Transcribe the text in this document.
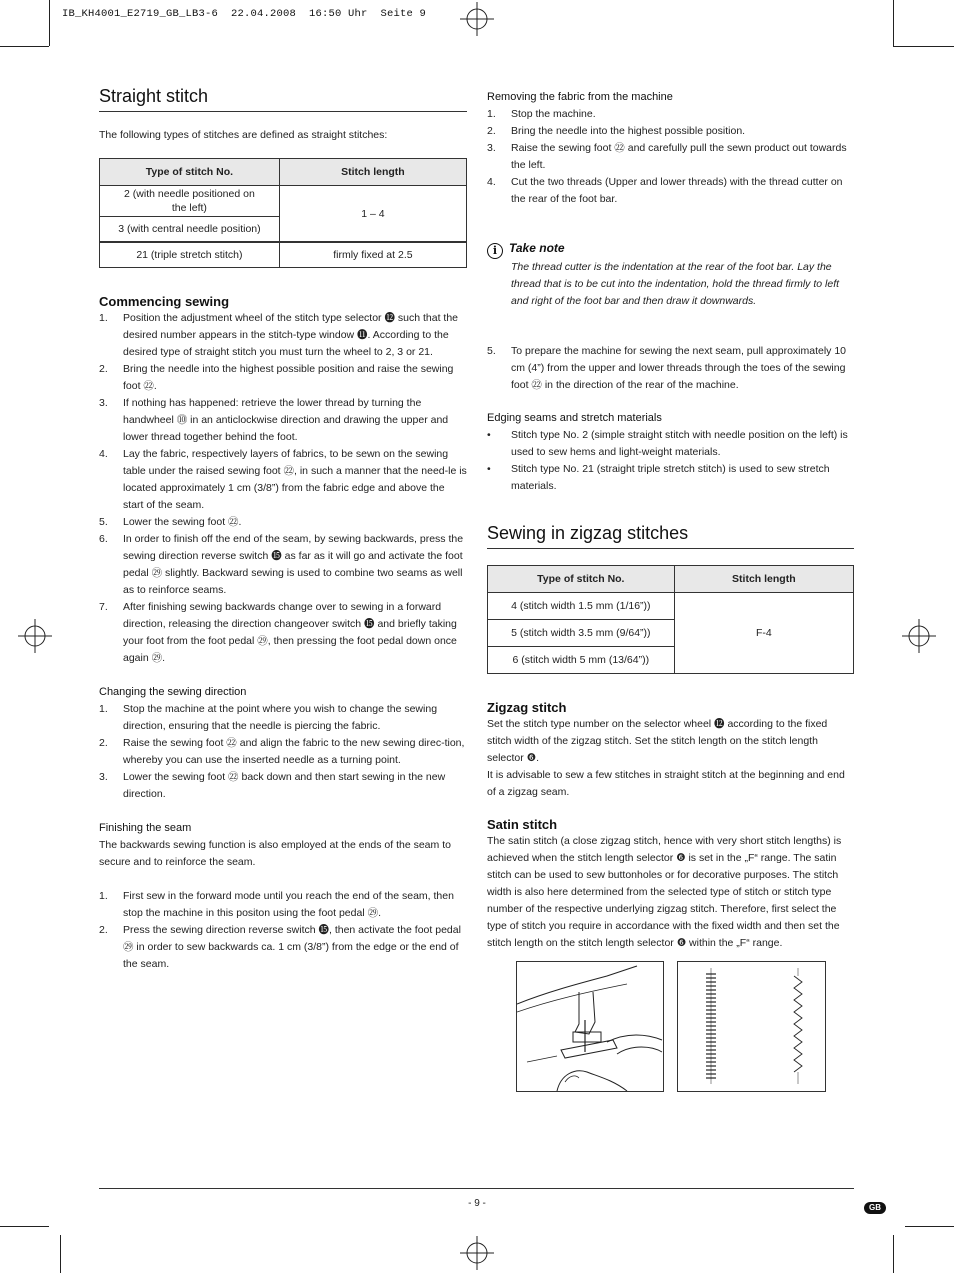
IB_KH4001_E2719_GB_LB3-6  22.04.2008  16:50 Uhr  Seite 9
Straight stitch

The following types of stitches are defined as straight stitches:

Type of stitch No.	Stitch length
2 (with needle positioned on the left)	1 – 4
3 (with central needle position)	
21 (triple stretch stitch)	firmly fixed at 2.5
Commencing sewing
1. Position the adjustment wheel of the stitch type selector ⓬ such that the desired number appears in the stitch-type window ⓫. According to the desired type of straight stitch you must turn the wheel to 2, 3 or 21.
2. Bring the needle into the highest possible position and raise the sewing foot ㉒.
3. If nothing has happened: retrieve the lower thread by turning the handwheel ⓾ in an anticlockwise direction and drawing the upper and lower thread together behind the foot.
4. Lay the fabric, respectively layers of fabrics, to be sewn on the sewing table under the raised sewing foot ㉒, in such a manner that the need-le is located approximately 1 cm (3/8”) from the fabric edge and above the start of the seam.
5. Lower the sewing foot ㉒.
6. In order to finish off the end of the seam, by sewing backwards, press the sewing direction reverse switch ⓯ as far as it will go and activate the foot pedal ㉙ slightly. Backward sewing is used to combine two seams as well as to reinforce seams.
7. After finishing sewing backwards change over to sewing in a forward direction, releasing the direction changeover switch ⓯ and briefly taking your foot from the foot pedal ㉙, then pressing the foot pedal down once again ㉙.
Changing the sewing direction
1. Stop the machine at the point where you wish to change the sewing direction, ensuring that the needle is piercing the fabric.
2. Raise the sewing foot ㉒ and align the fabric to the new sewing direc-tion, whereby you can use the inserted needle as a turning point.
3. Lower the sewing foot ㉒ back down and then start sewing in the new direction.
Finishing the seam

The backwards sewing function is also employed at the ends of the seam to secure and to reinforce the seam.

1. First sew in the forward mode until you reach the end of the seam, then stop the machine in this positon using the foot pedal ㉙.
2. Press the sewing direction reverse switch ⓯, then activate the foot pedal ㉙ in order to sew backwards ca. 1 cm (3/8”) from the edge or the end of the seam.
Removing the fabric from the machine
1. Stop the machine.
2. Bring the needle into the highest possible position.
3. Raise the sewing foot ㉒ and carefully pull the sewn product out towards the left.
4. Cut the two threads (Upper and lower threads) with the thread cutter on the rear of the foot bar.
i Take note

The thread cutter is the indentation at the rear of the foot bar. Lay the thread that is to be cut into the indentation, hold the thread firmly to left and right of the foot bar and then draw it downwards.

5. To prepare the machine for sewing the next seam, pull approximately 10 cm (4”) from the upper and lower threads through the toes of the sewing foot ㉒ in the direction of the rear of the machine.
Edging seams and stretch materials
• Stitch type No. 2 (simple straight stitch with needle position on the left) is used to sew hems and light-weight materials.
• Stitch type No. 21 (straight triple stretch stitch) is used to sew stretch materials.
Sewing in zigzag stitches
Type of stitch No.	Stitch length
4 (stitch width 1.5 mm (1/16”))	F-4
5 (stitch width 3.5 mm (9/64”))	
6 (stitch width 5 mm (13/64”))	
Zigzag stitch

Set the stitch type number on the selector wheel ⓬ according to the fixed stitch width of the zigzag stitch. Set the stitch length on the stitch length selector ❻.

It is advisable to sew a few stitches in straight stitch at the beginning and end of a zigzag seam.

Satin stitch

The satin stitch (a close zigzag stitch, hence with very short stitch lengths) is achieved when the stitch length selector ❻ is set in the „F“ range. The satin stitch can be used to sew buttonholes or for decorative purposes. The stitch width is also here determined from the selected type of stitch or stitch type number of the respective underlying zigzag stitch. Therefore, first select the type of stitch you require in accordance with the fixed width and then set the stitch length on the stitch length selector ❻ within the „F“ range.

- 9 -	GB
